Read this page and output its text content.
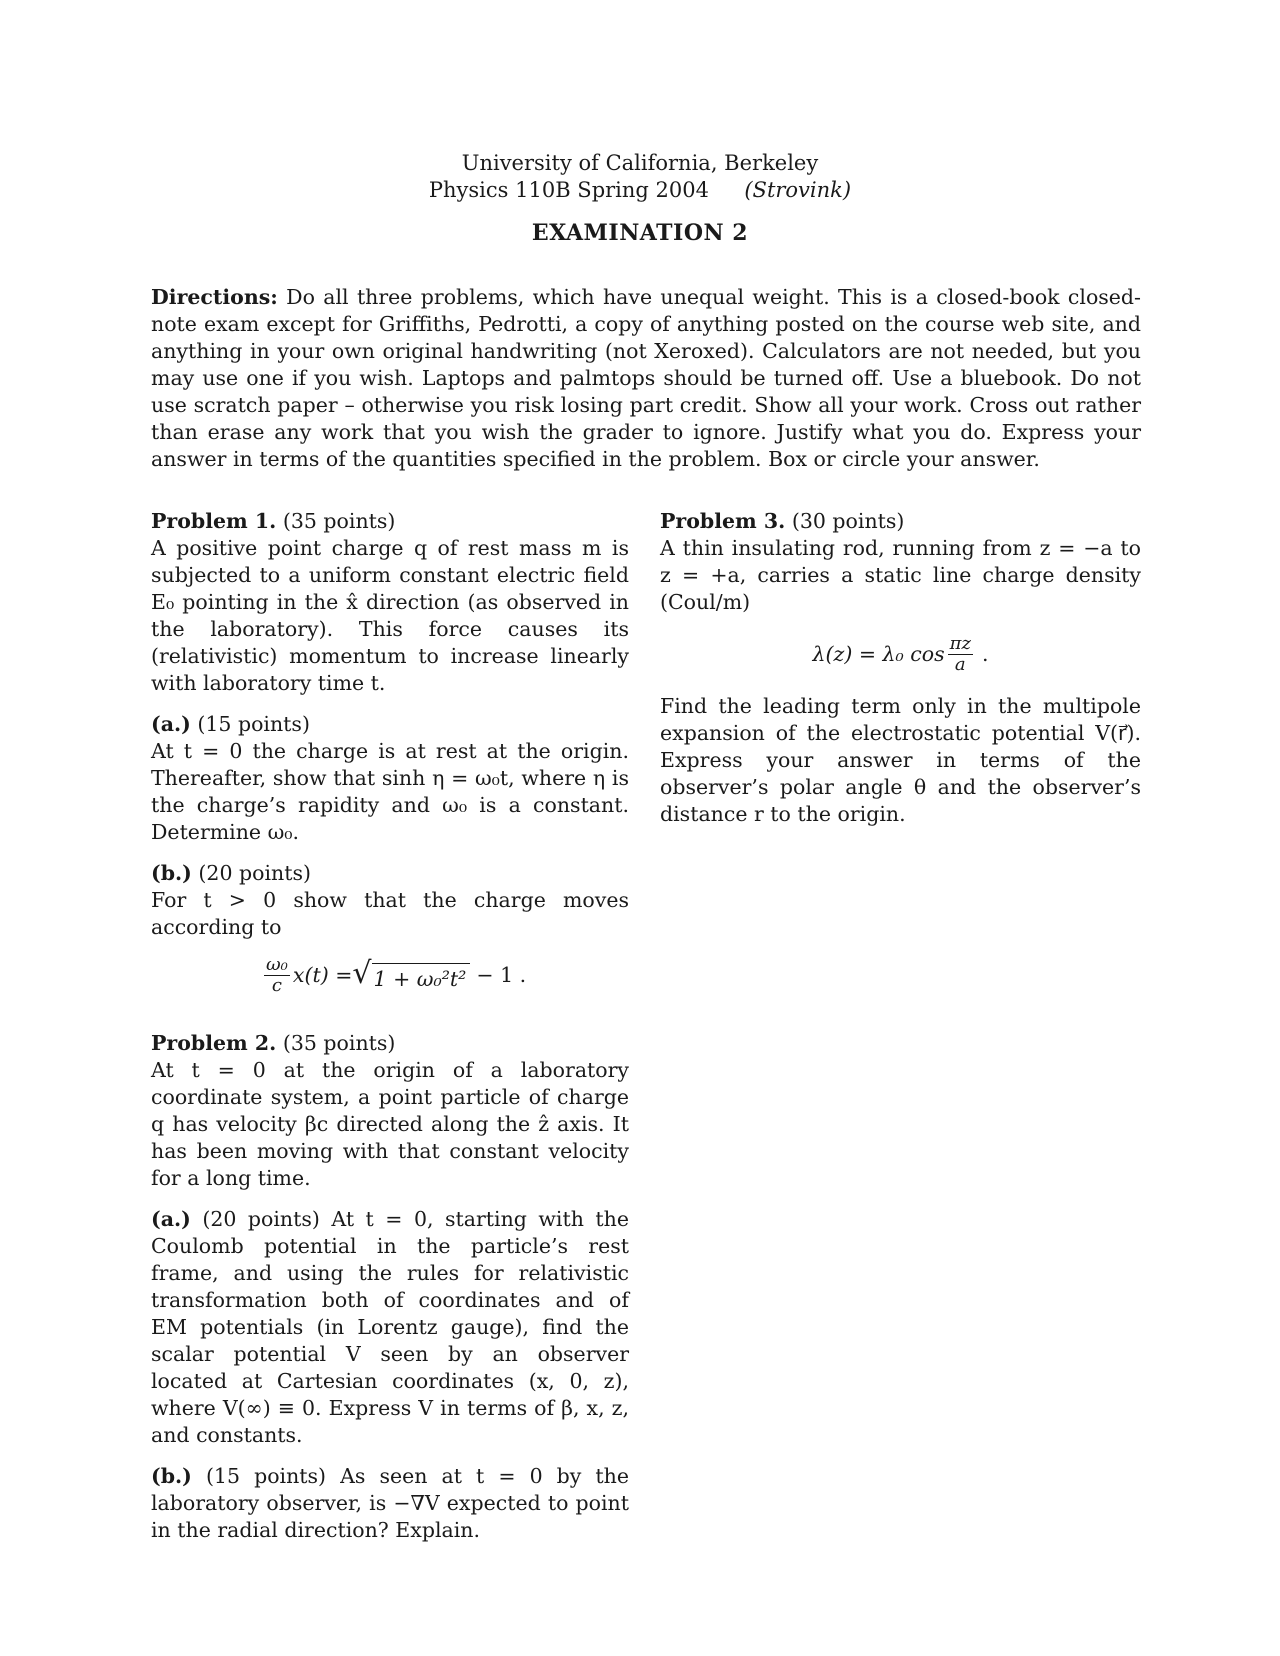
University of California, Berkeley
Physics 110B Spring 2004 (Strovink)
EXAMINATION 2
Directions: Do all three problems, which have unequal weight. This is a closed-book closed-note exam except for Griffiths, Pedrotti, a copy of anything posted on the course web site, and anything in your own original handwriting (not Xeroxed). Calculators are not needed, but you may use one if you wish. Laptops and palmtops should be turned off. Use a bluebook. Do not use scratch paper – otherwise you risk losing part credit. Show all your work. Cross out rather than erase any work that you wish the grader to ignore. Justify what you do. Express your answer in terms of the quantities specified in the problem. Box or circle your answer.

Problem 1. (35 points)

A positive point charge q of rest mass m is subjected to a uniform constant electric field E₀ pointing in the x̂ direction (as observed in the laboratory). This force causes its (relativistic) momentum to increase linearly with laboratory time t.

(a.) (15 points)

At t = 0 the charge is at rest at the origin. Thereafter, show that sinh η = ω₀t, where η is the charge’s rapidity and ω₀ is a constant. Determine ω₀.

(b.) (20 points)

For t > 0 show that the charge moves according to

$\frac{\text{ω₀}}{c} x(t)$ = √ 1 + ω₀²t² − 1 .

Problem 2. (35 points)

At t = 0 at the origin of a laboratory coordinate system, a point particle of charge q has velocity βc directed along the ẑ axis. It has been moving with that constant velocity for a long time.

(a.) (20 points) At t = 0, starting with the Coulomb potential in the particle’s rest frame, and using the rules for relativistic transformation both of coordinates and of EM potentials (in Lorentz gauge), find the scalar potential V seen by an observer located at Cartesian coordinates (x, 0, z), where V(∞) ≡ 0. Express V in terms of β, x, z, and constants.

(b.) (15 points) As seen at t = 0 by the laboratory observer, is −∇V expected to point in the radial direction? Explain.

Problem 3. (30 points)

A thin insulating rod, running from z = −a to z = +a, carries a static line charge density (Coul/m)

λ(z) = λ₀ $\cos \frac{\pi z}{a}$ .

Find the leading term only in the multipole expansion of the electrostatic potential V(r⃗). Express your answer in terms of the observer’s polar angle θ and the observer’s distance r to the origin.
